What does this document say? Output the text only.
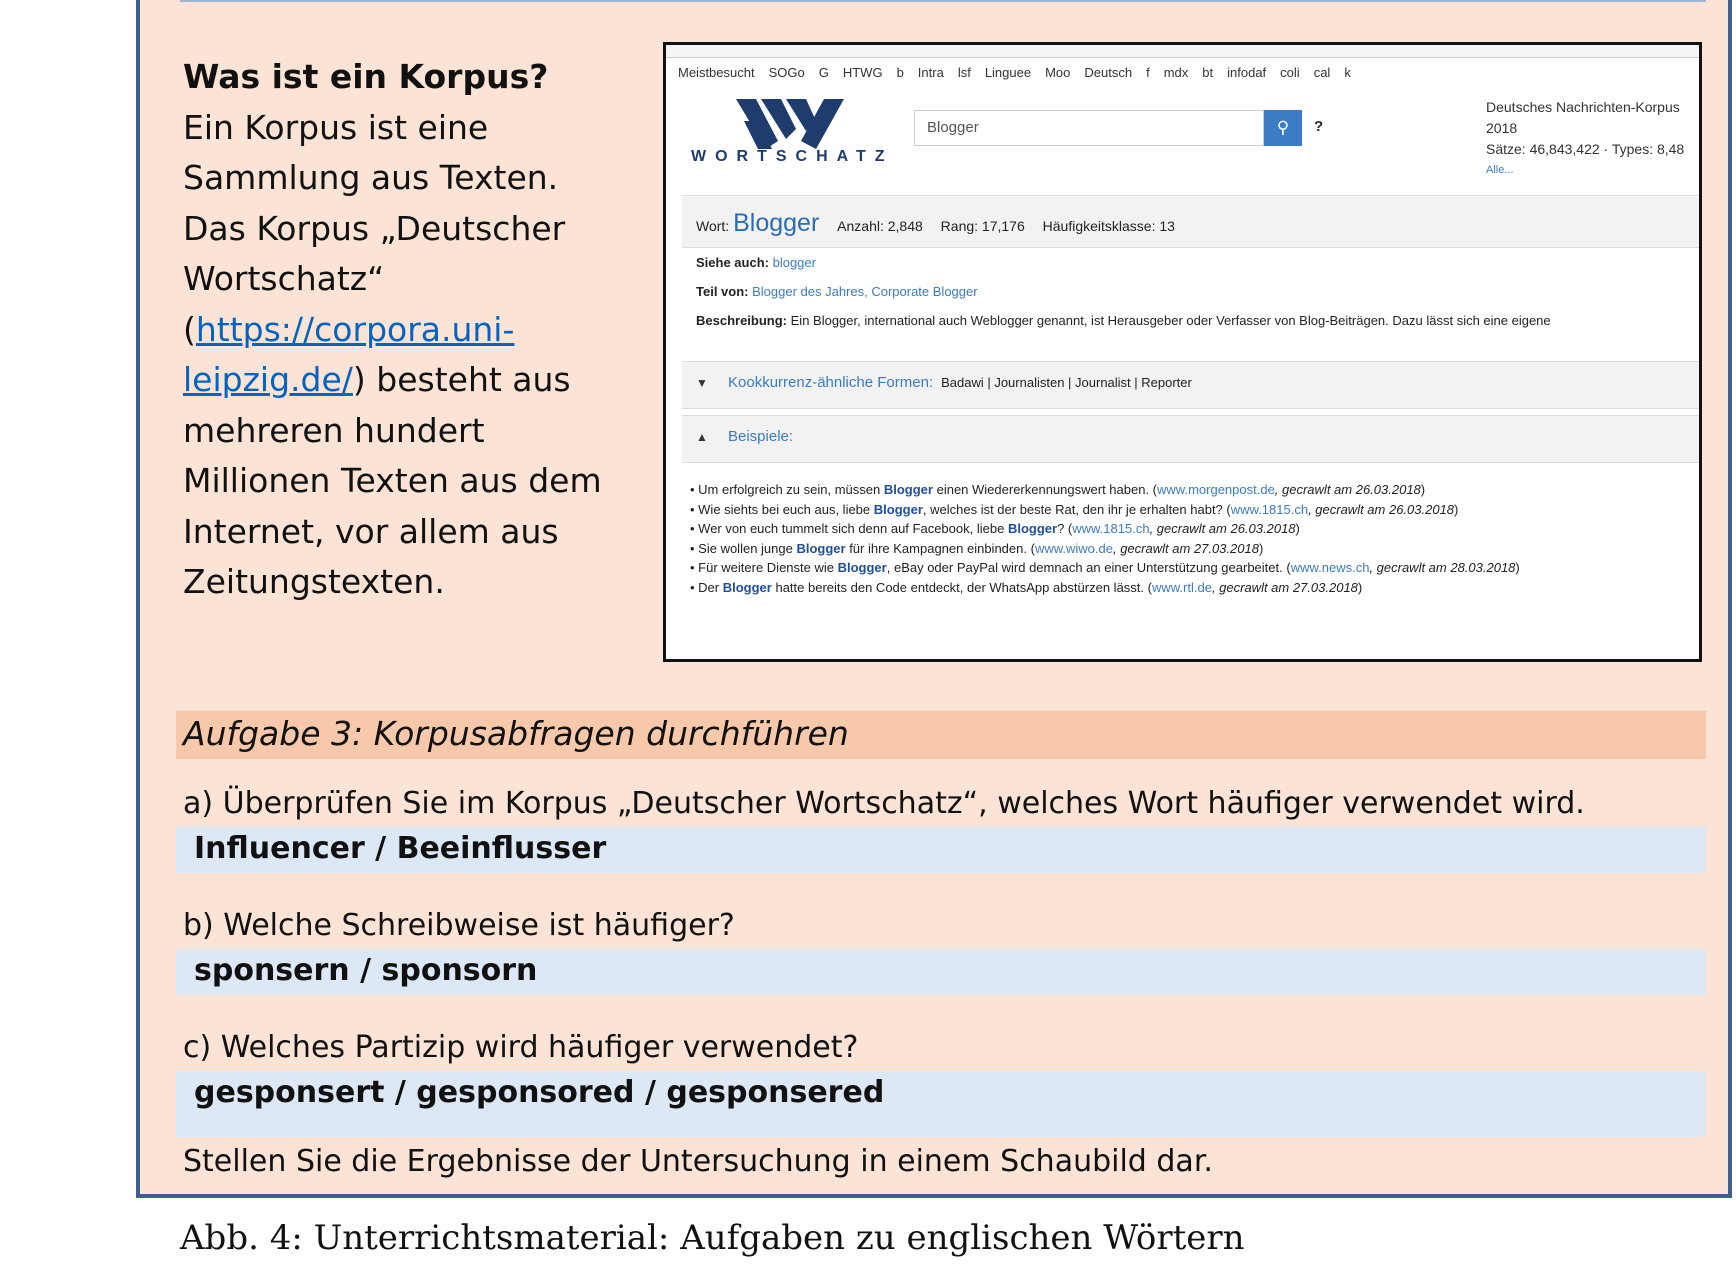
Was ist ein Korpus?
Ein Korpus ist eine Sammlung aus Texten. Das Korpus „Deutscher Wortschatz“ (https://corpora.uni-leipzig.de/) besteht aus mehreren hundert Millionen Texten aus dem Internet, vor allem aus Zeitungstexten.
Meistbesucht SOGo G HTWG b Intra lsf Linguee Moo Deutsch f mdx bt infodaf coli cal k
WORTSCHATZ
Blogger	⚲	?
Deutsches Nachrichten-Korpus
2018
Sätze: 46,843,422 · Types: 8,48
Alle...
Wort: Blogger Anzahl: 2,848 Rang: 17,176 Häufigkeitsklasse: 13
Siehe auch: blogger
Teil von: Blogger des Jahres, Corporate Blogger
Beschreibung: Ein Blogger, international auch Weblogger genannt, ist Herausgeber oder Verfasser von Blog-Beiträgen. Dazu lässt sich eine eigene
▼ Kookkurrenz-ähnliche Formen: Badawi | Journalisten | Journalist | Reporter
▲ Beispiele:
• Um erfolgreich zu sein, müssen Blogger einen Wiedererkennungswert haben. (www.morgenpost.de, gecrawlt am 26.03.2018)
• Wie siehts bei euch aus, liebe Blogger, welches ist der beste Rat, den ihr je erhalten habt? (www.1815.ch, gecrawlt am 26.03.2018)
• Wer von euch tummelt sich denn auf Facebook, liebe Blogger? (www.1815.ch, gecrawlt am 26.03.2018)
• Sie wollen junge Blogger für ihre Kampagnen einbinden. (www.wiwo.de, gecrawlt am 27.03.2018)
• Für weitere Dienste wie Blogger, eBay oder PayPal wird demnach an einer Unterstützung gearbeitet. (www.news.ch, gecrawlt am 28.03.2018)
• Der Blogger hatte bereits den Code entdeckt, der WhatsApp abstürzen lässt. (www.rtl.de, gecrawlt am 27.03.2018)
Aufgabe 3: Korpusabfragen durchführen
a) Überprüfen Sie im Korpus „Deutscher Wortschatz“, welches Wort häufiger verwendet wird.
Influencer / Beeinflusser
b) Welche Schreibweise ist häufiger?
sponsern / sponsorn
c) Welches Partizip wird häufiger verwendet?
gesponsert / gesponsored / gesponsered
Stellen Sie die Ergebnisse der Untersuchung in einem Schaubild dar.
Abb. 4: Unterrichtsmaterial: Aufgaben zu englischen Wörtern
